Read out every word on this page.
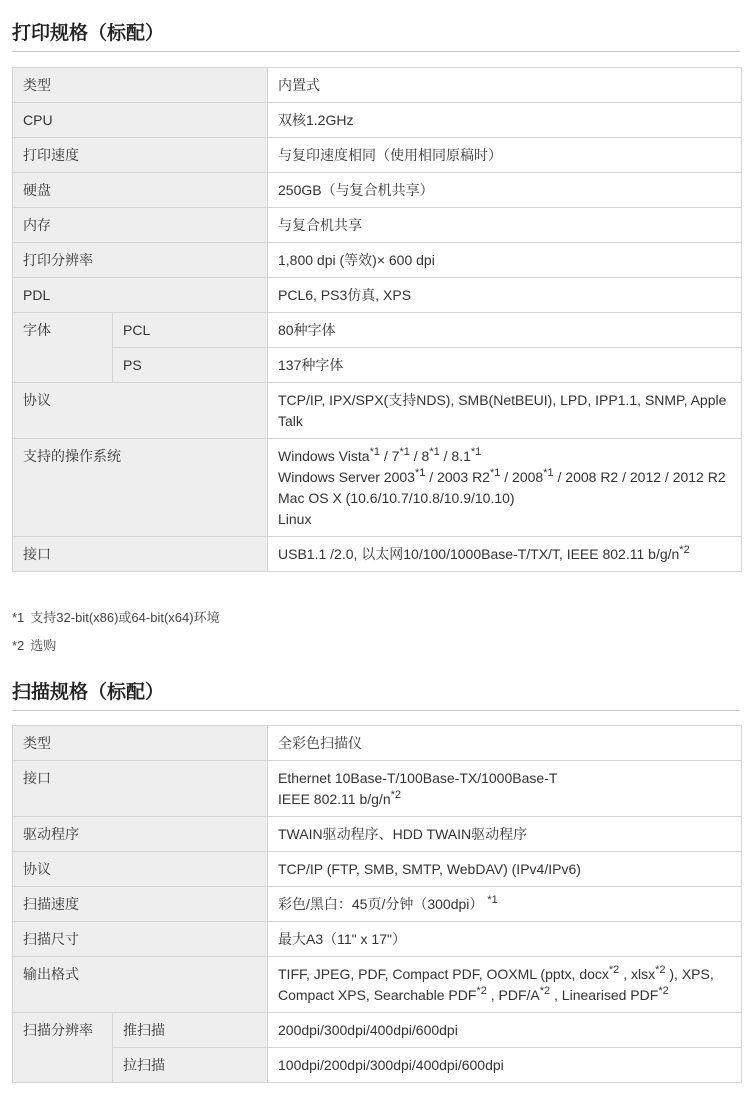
打印规格（标配）
类型		内置式
CPU		双核1.2GHz
打印速度		与复印速度相同（使用相同原稿时）
硬盘		250GB（与复合机共享）
内存		与复合机共享
打印分辨率		1,800 dpi (等效)× 600 dpi
PDL		PCL6, PS3仿真, XPS
字体	PCL	80种字体
	PS	137种字体
协议		TCP/IP, IPX/SPX(支持NDS), SMB(NetBEUI), LPD, IPP1.1, SNMP, Apple Talk
支持的操作系统		Windows Vista$^{*1}$ / 7$^{*1}$ / 8$^{*1}$ / 8.1$^{*1}$
Windows Server 2003$^{*1}$ / 2003 R2$^{*1}$ / 2008$^{*1}$ / 2008 R2 / 2012 / 2012 R2
Mac OS X (10.6/10.7/10.8/10.9/10.10)
Linux
接口		USB1.1 /2.0, 以太网10/100/1000Base-T/TX/T, IEEE 802.11 $b/g/n^{*2}$
*1 支持32-bit(x86)或64-bit(x64)环境
*2 选购
扫描规格（标配）
类型		全彩色扫描仪
接口		Ethernet 10Base-T/100Base-TX/1000Base-T
IEEE 802.11 $b/g/n^{*2}$
驱动程序		TWAIN驱动程序、HDD TWAIN驱动程序
协议		TCP/IP (FTP, SMB, SMTP, WebDAV) (IPv4/IPv6)
扫描速度		彩色/黑白：45页/分钟（300dpi） $^{*1}$
扫描尺寸		最大A3（11" x 17"）
输出格式		TIFF, JPEG, PDF, Compact PDF, OOXML (pptx, docx$^{*2}$ , xlsx$^{*2}$ ), XPS, Compact XPS, Searchable PDF$^{*2}$ , PDF/$A^{*2}$ , Linearised PDF$^{*2}$
扫描分辨率	推扫描	200dpi/300dpi/400dpi/600dpi
	拉扫描	100dpi/200dpi/300dpi/400dpi/600dpi
